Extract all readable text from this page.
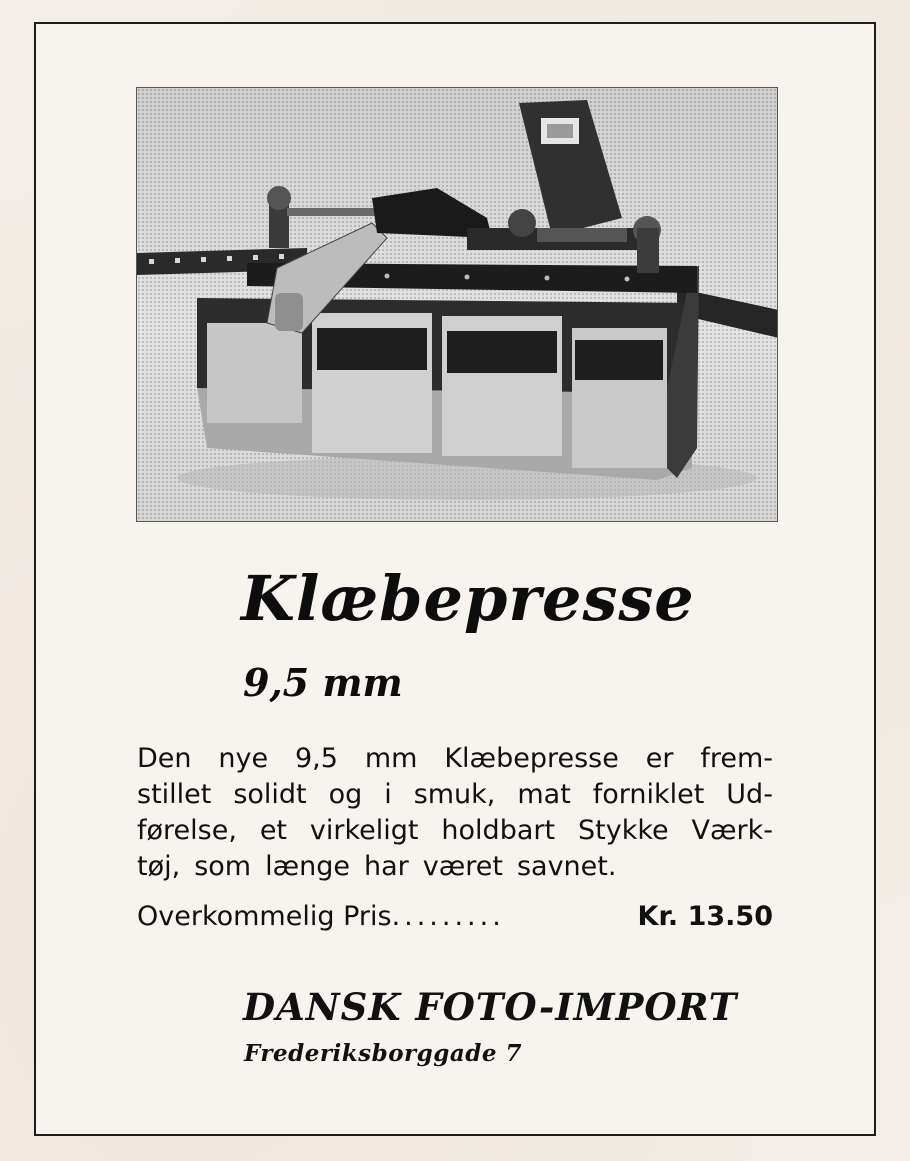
Klæbepresse
9,5 mm
Den nye 9,5 mm Klæbepresse er frem-
stillet solidt og i smuk, mat forniklet Ud-
førelse, et virkeligt holdbart Stykke Værk-
tøj, som længe har været savnet.
Overkommelig Pris .........	Kr. 13.50
DANSK FOTO-IMPORT

Frederiksborggade 7
